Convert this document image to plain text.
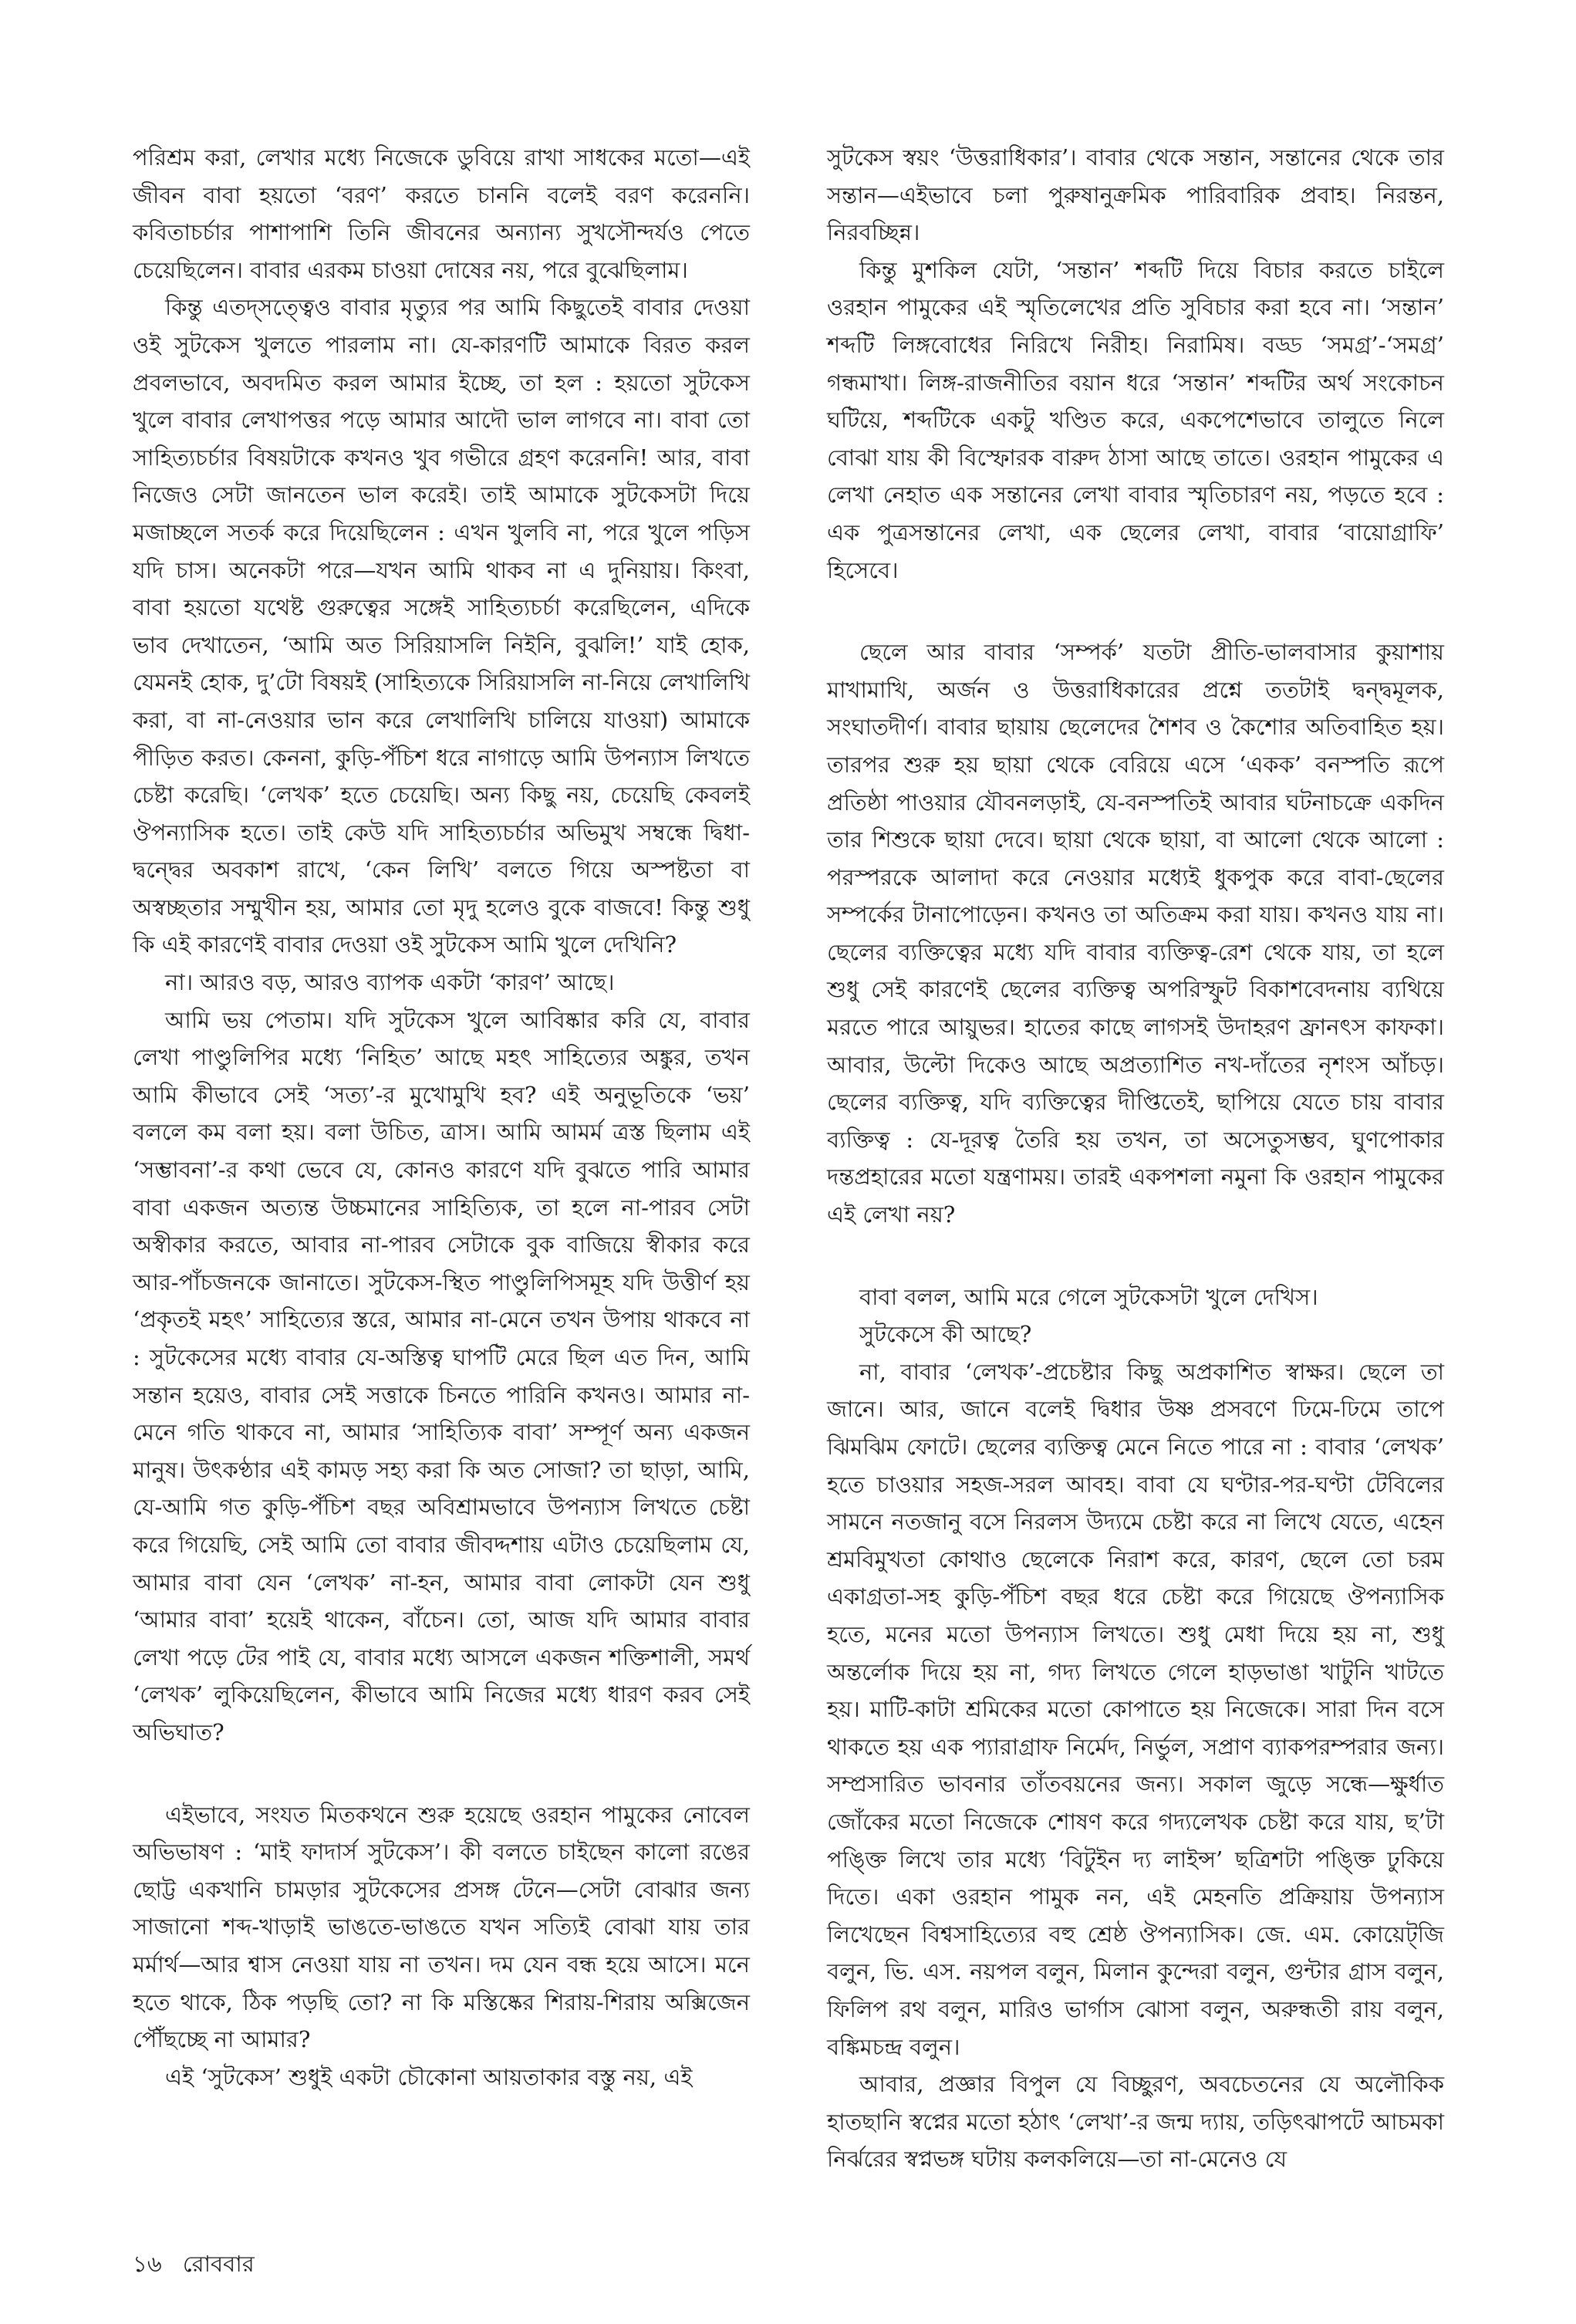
পরিশ্রম করা, লেখার মধ্যে নিজেকে ডুবিয়ে রাখা সাধকের মতো—এই জীবন বাবা হয়তো ‘বরণ’ করতে চাননি বলেই বরণ করেননি। কবিতাচর্চার পাশাপাশি তিনি জীবনের অন্যান্য সুখসৌন্দর্যও পেতে চেয়েছিলেন। বাবার এরকম চাওয়া দোষের নয়, পরে বুঝেছিলাম।

কিন্তু এতদ্‌সত্ত্বেও বাবার মৃত্যুর পর আমি কিছুতেই বাবার দেওয়া ওই সুটকেস খুলতে পারলাম না। যে-কারণটি আমাকে বিরত করল প্রবলভাবে, অবদমিত করল আমার ইচ্ছে, তা হল : হয়তো সুটকেস খুলে বাবার লেখাপত্তর পড়ে আমার আদৌ ভাল লাগবে না। বাবা তো সাহিত্যচর্চার বিষয়টাকে কখনও খুব গভীরে গ্রহণ করেননি! আর, বাবা নিজেও সেটা জানতেন ভাল করেই। তাই আমাকে সুটকেসটা দিয়ে মজাচ্ছলে সতর্ক করে দিয়েছিলেন : এখন খুলবি না, পরে খুলে পড়িস যদি চাস। অনেকটা পরে—যখন আমি থাকব না এ দুনিয়ায়। কিংবা, বাবা হয়তো যথেষ্ট গুরুত্বের সঙ্গেই সাহিত্যচর্চা করেছিলেন, এদিকে ভাব দেখাতেন, ‘আমি অত সিরিয়াসলি নিইনি, বুঝলি!’ যাই হোক, যেমনই হোক, দু’টো বিষয়ই (সাহিত্যকে সিরিয়াসলি না-নিয়ে লেখালিখি করা, বা না-নেওয়ার ভান করে লেখালিখি চালিয়ে যাওয়া) আমাকে পীড়িত করত। কেননা, কুড়ি-পঁচিশ ধরে নাগাড়ে আমি উপন্যাস লিখতে চেষ্টা করেছি। ‘লেখক’ হতে চেয়েছি। অন্য কিছু নয়, চেয়েছি কেবলই ঔপন্যাসিক হতে। তাই কেউ যদি সাহিত্যচর্চার অভিমুখ সম্বন্ধে দ্বিধা-দ্বন্দ্বের অবকাশ রাখে, ‘কেন লিখি’ বলতে গিয়ে অস্পষ্টতা বা অস্বচ্ছতার সম্মুখীন হয়, আমার তো মৃদু হলেও বুকে বাজবে! কিন্তু শুধু কি এই কারণেই বাবার দেওয়া ওই সুটকেস আমি খুলে দেখিনি?

না। আরও বড়, আরও ব্যাপক একটা ‘কারণ’ আছে।

আমি ভয় পেতাম। যদি সুটকেস খুলে আবিষ্কার করি যে, বাবার লেখা পাণ্ডুলিপির মধ্যে ‘নিহিত’ আছে মহৎ সাহিত্যের অঙ্কুর, তখন আমি কীভাবে সেই ‘সত্য’-র মুখোমুখি হব? এই অনুভূতিকে ‘ভয়’ বললে কম বলা হয়। বলা উচিত, ত্রাস। আমি আমর্ম ত্রস্ত ছিলাম এই ‘সম্ভাবনা’-র কথা ভেবে যে, কোনও কারণে যদি বুঝতে পারি আমার বাবা একজন অত্যন্ত উচ্চমানের সাহিত্যিক, তা হলে না-পারব সেটা অস্বীকার করতে, আবার না-পারব সেটাকে বুক বাজিয়ে স্বীকার করে আর-পাঁচজনকে জানাতে। সুটকেস-স্থিত পাণ্ডুলিপিসমূহ যদি উত্তীর্ণ হয় ‘প্রকৃতই মহৎ’ সাহিত্যের স্তরে, আমার না-মেনে তখন উপায় থাকবে না : সুটকেসের মধ্যে বাবার যে-অস্তিত্ব ঘাপটি মেরে ছিল এত দিন, আমি সন্তান হয়েও, বাবার সেই সত্তাকে চিনতে পারিনি কখনও। আমার না-মেনে গতি থাকবে না, আমার ‘সাহিত্যিক বাবা’ সম্পূর্ণ অন্য একজন মানুষ। উৎকণ্ঠার এই কামড় সহ্য করা কি অত সোজা? তা ছাড়া, আমি, যে-আমি গত কুড়ি-পঁচিশ বছর অবিশ্রামভাবে উপন্যাস লিখতে চেষ্টা করে গিয়েছি, সেই আমি তো বাবার জীবদ্দশায় এটাও চেয়েছিলাম যে, আমার বাবা যেন ‘লেখক’ না-হন, আমার বাবা লোকটা যেন শুধু ‘আমার বাবা’ হয়েই থাকেন, বাঁচেন। তো, আজ যদি আমার বাবার লেখা পড়ে টের পাই যে, বাবার মধ্যে আসলে একজন শক্তিশালী, সমর্থ ‘লেখক’ লুকিয়েছিলেন, কীভাবে আমি নিজের মধ্যে ধারণ করব সেই অভিঘাত?

এইভাবে, সংযত মিতকথনে শুরু হয়েছে ওরহান পামুকের নোবেল অভিভাষণ : ‘মাই ফাদার্স সুটকেস’। কী বলতে চাইছেন কালো রঙের ছোট্ট একখানি চামড়ার সুটকেসের প্রসঙ্গ টেনে—সেটা বোঝার জন্য সাজানো শব্দ-খাড়াই ভাঙতে-ভাঙতে যখন সত্যিই বোঝা যায় তার মর্মার্থ—আর শ্বাস নেওয়া যায় না তখন। দম যেন বন্ধ হয়ে আসে। মনে হতে থাকে, ঠিক পড়ছি তো? না কি মস্তিষ্কের শিরায়-শিরায় অক্সিজেন পৌঁছচ্ছে না আমার?

এই ‘সুটকেস’ শুধুই একটা চৌকোনা আয়তাকার বস্তু নয়, এই

সুটকেস স্বয়ং ‘উত্তরাধিকার’। বাবার থেকে সন্তান, সন্তানের থেকে তার সন্তান—এইভাবে চলা পুরুষানুক্রমিক পারিবারিক প্রবাহ। নিরন্তন, নিরবচ্ছিন্ন।

কিন্তু মুশকিল যেটা, ‘সন্তান’ শব্দটি দিয়ে বিচার করতে চাইলে ওরহান পামুকের এই স্মৃতিলেখের প্রতি সুবিচার করা হবে না। ‘সন্তান’ শব্দটি লিঙ্গবোধের নিরিখে নিরীহ। নিরামিষ। বড্ড ‘সমগ্র’-‘সমগ্র’ গন্ধমাখা। লিঙ্গ-রাজনীতির বয়ান ধরে ‘সন্তান’ শব্দটির অর্থ সংকোচন ঘটিয়ে, শব্দটিকে একটু খণ্ডিত করে, একপেশেভাবে তালুতে নিলে বোঝা যায় কী বিস্ফোরক বারুদ ঠাসা আছে তাতে। ওরহান পামুকের এ লেখা নেহাত এক সন্তানের লেখা বাবার স্মৃতিচারণ নয়, পড়তে হবে : এক পুত্রসন্তানের লেখা, এক ছেলের লেখা, বাবার ‘বায়োগ্রাফি’ হিসেবে।

ছেলে আর বাবার ‘সম্পর্ক’ যতটা প্রীতি-ভালবাসার কুয়াশায় মাখামাখি, অর্জন ও উত্তরাধিকারের প্রশ্নে ততটাই দ্বন্দ্বমূলক, সংঘাতদীর্ণ। বাবার ছায়ায় ছেলেদের শৈশব ও কৈশোর অতিবাহিত হয়। তারপর শুরু হয় ছায়া থেকে বেরিয়ে এসে ‘একক’ বনস্পতি রূপে প্রতিষ্ঠা পাওয়ার যৌবনলড়াই, যে-বনস্পতিই আবার ঘটনাচক্রে একদিন তার শিশুকে ছায়া দেবে। ছায়া থেকে ছায়া, বা আলো থেকে আলো : পরস্পরকে আলাদা করে নেওয়ার মধ্যেই ধুকপুক করে বাবা-ছেলের সম্পর্কের টানাপোড়েন। কখনও তা অতিক্রম করা যায়। কখনও যায় না। ছেলের ব্যক্তিত্বের মধ্যে যদি বাবার ব্যক্তিত্ব-রেশ থেকে যায়, তা হলে শুধু সেই কারণেই ছেলের ব্যক্তিত্ব অপরিস্ফুট বিকাশবেদনায় ব্যথিয়ে মরতে পারে আয়ুভর। হাতের কাছে লাগসই উদাহরণ ফ্রানৎস কাফকা। আবার, উল্টো দিকেও আছে অপ্রত্যাশিত নখ-দাঁতের নৃশংস আঁচড়। ছেলের ব্যক্তিত্ব, যদি ব্যক্তিত্বের দীপ্তিতেই, ছাপিয়ে যেতে চায় বাবার ব্যক্তিত্ব : যে-দূরত্ব তৈরি হয় তখন, তা অসেতুসম্ভব, ঘুণপোকার দন্তপ্রহারের মতো যন্ত্রণাময়। তারই একপশলা নমুনা কি ওরহান পামুকের এই লেখা নয়?

বাবা বলল, আমি মরে গেলে সুটকেসটা খুলে দেখিস।

সুটকেসে কী আছে?

না, বাবার ‘লেখক’-প্রচেষ্টার কিছু অপ্রকাশিত স্বাক্ষর। ছেলে তা জানে। আর, জানে বলেই দ্বিধার উষ্ণ প্রসবণে ঢিমে-ঢিমে তাপে ঝিমঝিম ফোটে। ছেলের ব্যক্তিত্ব মেনে নিতে পারে না : বাবার ‘লেখক’ হতে চাওয়ার সহজ-সরল আবহ। বাবা যে ঘণ্টার-পর-ঘণ্টা টেবিলের সামনে নতজানু বসে নিরলস উদ্যমে চেষ্টা করে না লিখে যেতে, এহেন শ্রমবিমুখতা কোথাও ছেলেকে নিরাশ করে, কারণ, ছেলে তো চরম একাগ্রতা-সহ কুড়ি-পঁচিশ বছর ধরে চেষ্টা করে গিয়েছে ঔপন্যাসিক হতে, মনের মতো উপন্যাস লিখতে। শুধু মেধা দিয়ে হয় না, শুধু অন্তর্লোক দিয়ে হয় না, গদ্য লিখতে গেলে হাড়ভাঙা খাটুনি খাটতে হয়। মাটি-কাটা শ্রমিকের মতো কোপাতে হয় নিজেকে। সারা দিন বসে থাকতে হয় এক প্যারাগ্রাফ নির্মেদ, নির্ভুল, সপ্রাণ ব্যাকপরম্পরার জন্য। সম্প্রসারিত ভাবনার তাঁতবয়নের জন্য। সকাল জুড়ে সন্ধে—ক্ষুর্ধাত জোঁকের মতো নিজেকে শোষণ করে গদ্যলেখক চেষ্টা করে যায়, ছ’টা পঙ্ক্তি লিখে তার মধ্যে ‘বিটুইন দ্য লাইন্স’ ছত্রিশটা পঙ্ক্তি ঢুকিয়ে দিতে। একা ওরহান পামুক নন, এই মেহনতি প্রক্রিয়ায় উপন্যাস লিখেছেন বিশ্বসাহিত্যের বহু শ্রেষ্ঠ ঔপন্যাসিক। জে. এম. কোয়েট্‌জি বলুন, ভি. এস. নয়পল বলুন, মিলান কুন্দেরা বলুন, গুন্টার গ্রাস বলুন, ফিলিপ রথ বলুন, মারিও ভার্গাস ঝোসা বলুন, অরুন্ধতী রায় বলুন, বঙ্কিমচন্দ্র বলুন।

আবার, প্রজ্ঞার বিপুল যে বিচ্ছুরণ, অবচেতনের যে অলৌকিক হাতছানি স্বপ্নের মতো হঠাৎ ‘লেখা’-র জন্ম দ্যায়, তড়িৎঝাপটে আচমকা নির্ঝরের স্বপ্নভঙ্গ ঘটায় কলকলিয়ে—তা না-মেনেও যে

১৬ রোববার
